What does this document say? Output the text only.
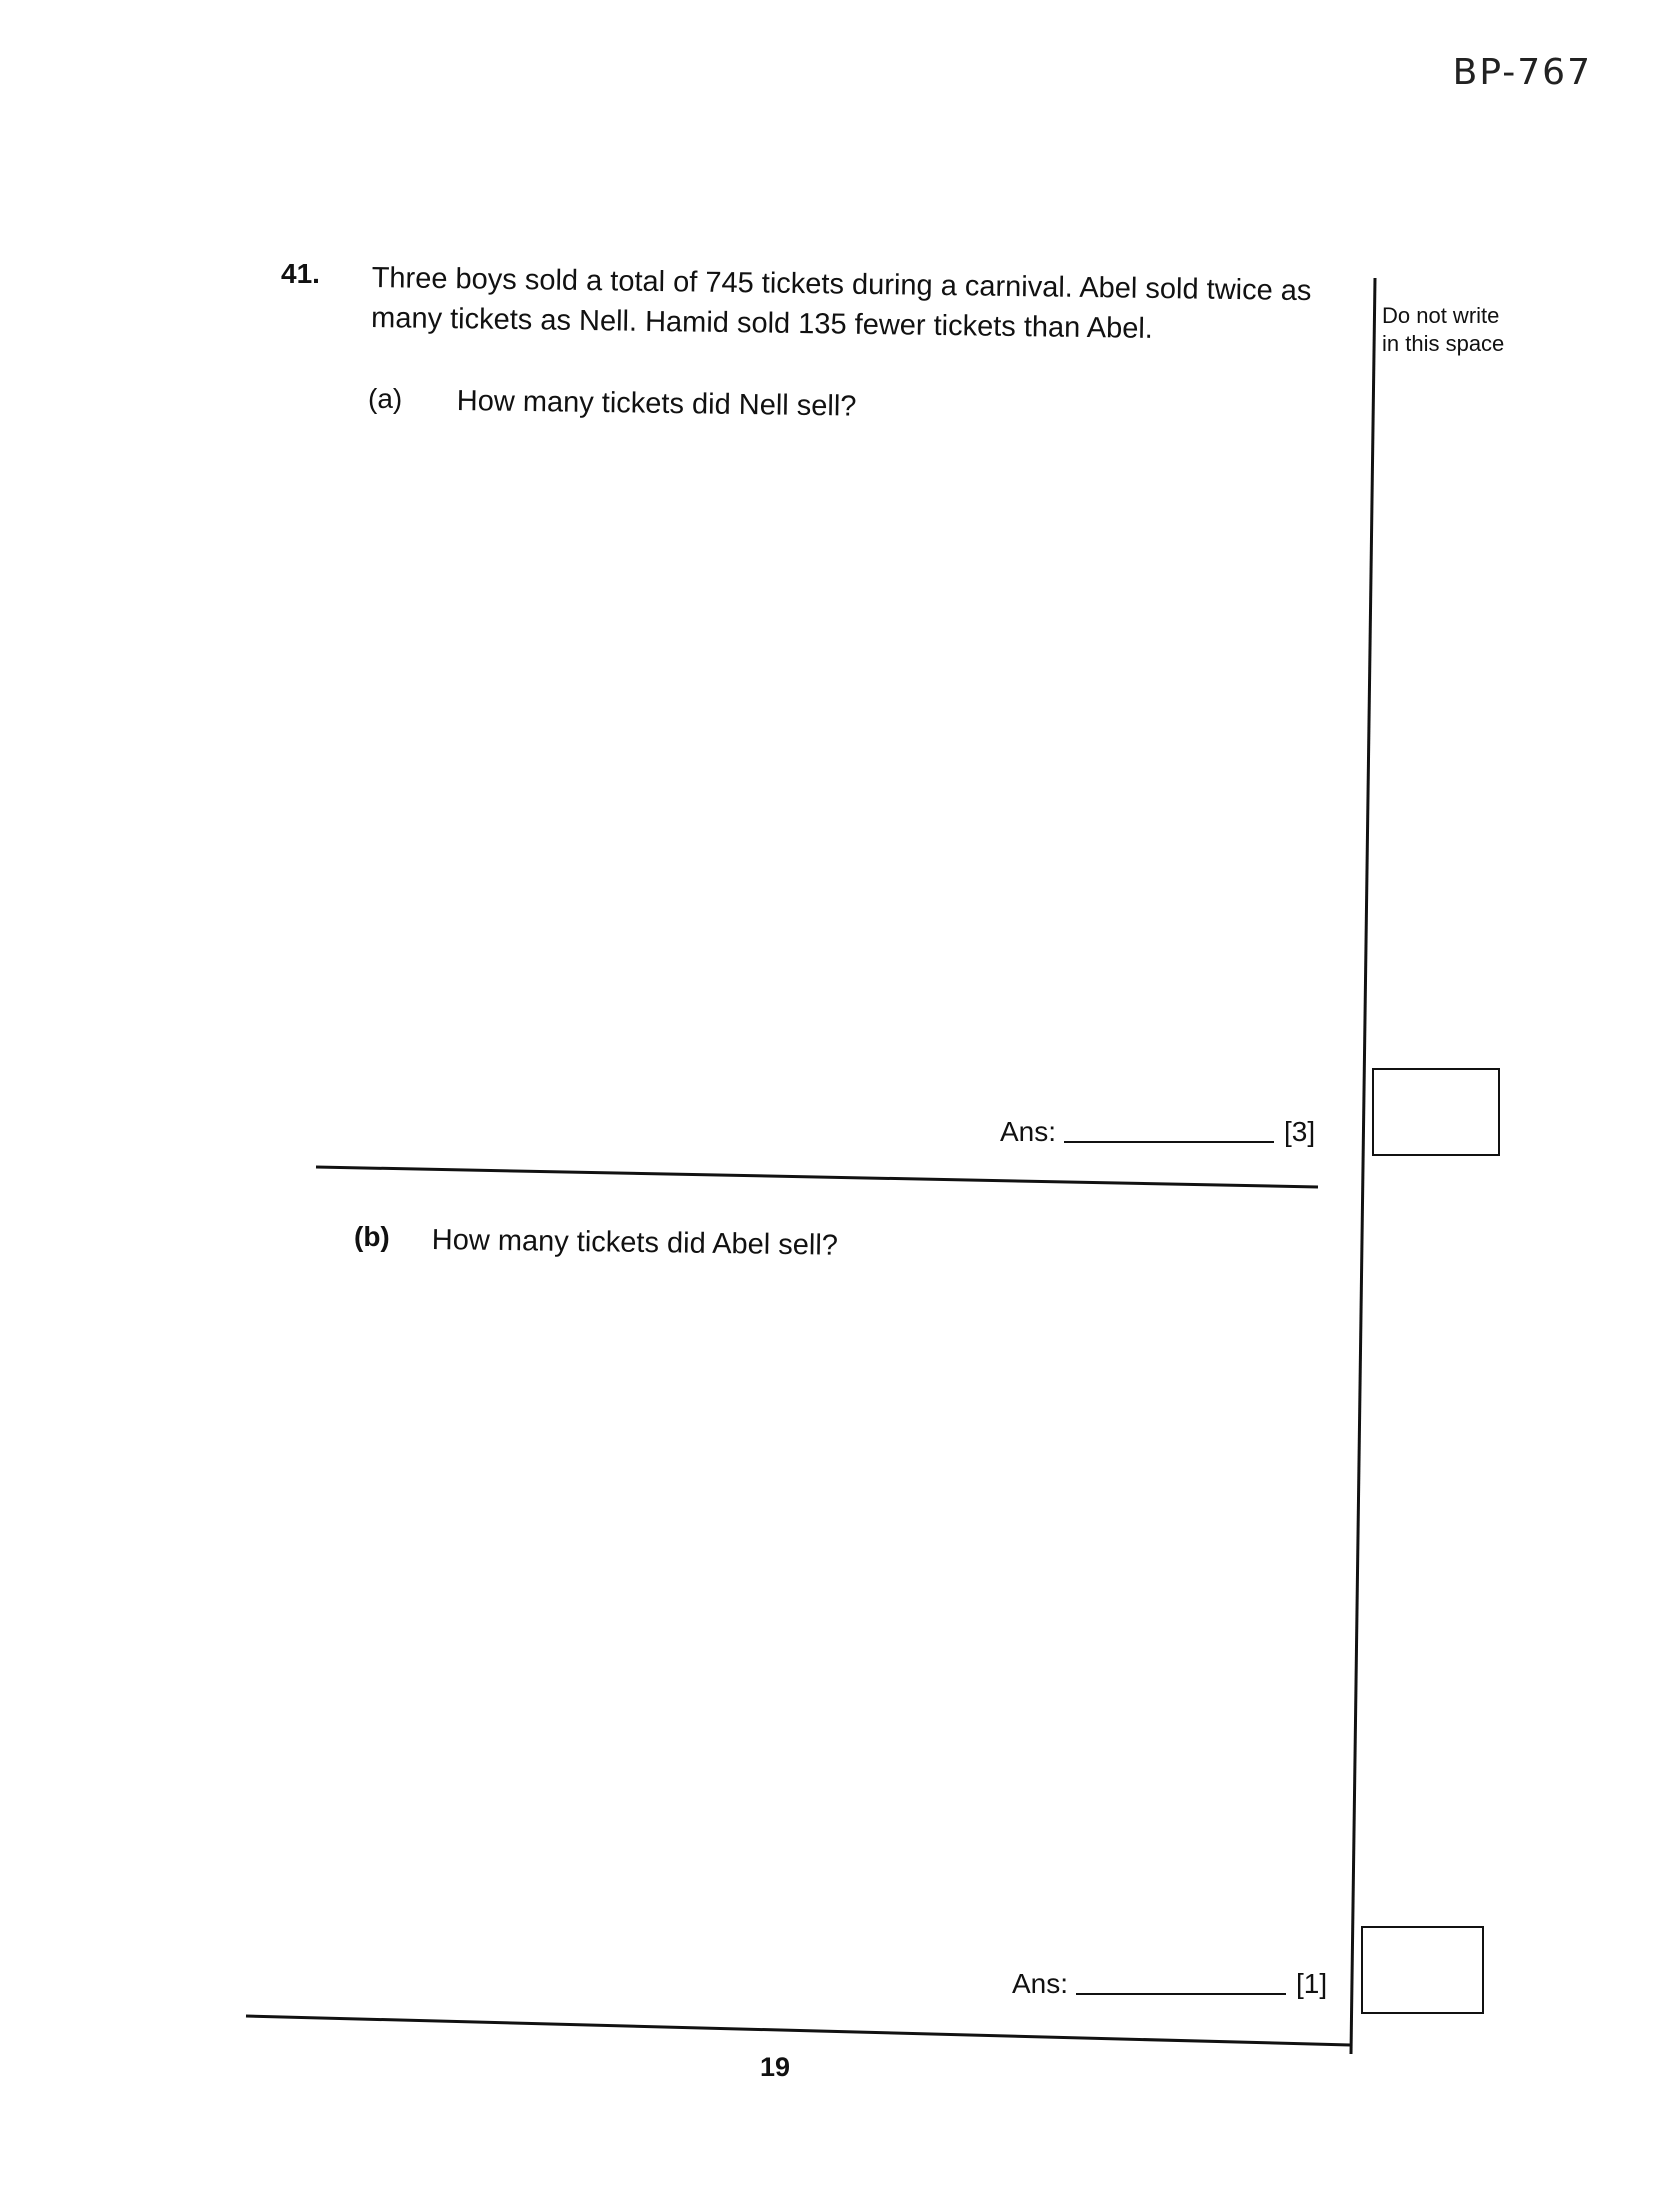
BP-767
41. Three boys sold a total of 745 tickets during a carnival. Abel sold twice as many tickets as Nell. Hamid sold 135 fewer tickets than Abel.
(a) How many tickets did Nell sell?
Ans:	[3]
(b) How many tickets did Abel sell?
Ans:	[1]
Do not write
in this space
19
